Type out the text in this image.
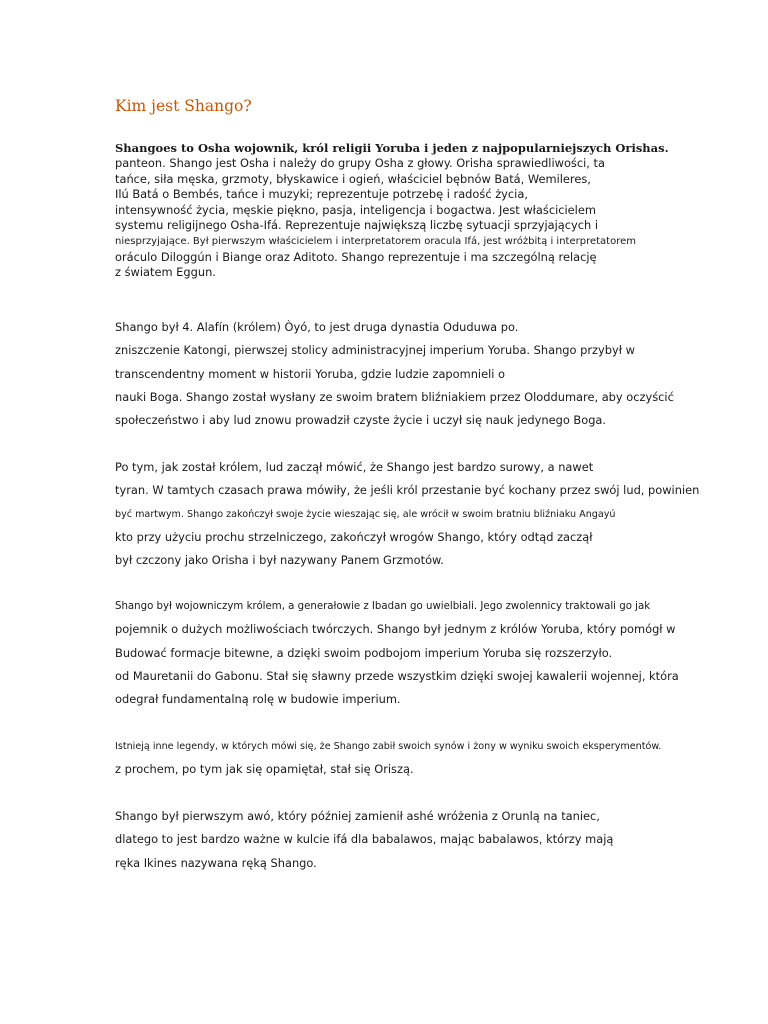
Kim jest Shango?
Shangoes to Osha wojownik, król religii Yoruba i jeden z najpopularniejszych Orishas.
panteon. Shango jest Osha i należy do grupy Osha z głowy. Orisha sprawiedliwości, ta
tańce, siła męska, grzmoty, błyskawice i ogień, właściciel bębnów Batá, Wemileres,
Ilú Batá o Bembés, tańce i muzyki; reprezentuje potrzebę i radość życia,
intensywność życia, męskie piękno, pasja, inteligencja i bogactwa. Jest właścicielem
systemu religijnego Osha-Ifá. Reprezentuje największą liczbę sytuacji sprzyjających i
niesprzyjające. Był pierwszym właścicielem i interpretatorem oracula Ifá, jest wróżbitą i interpretatorem
oráculo Diloggún i Biange oraz Aditoto. Shango reprezentuje i ma szczególną relację
z światem Eggun.
Shango był 4. Alafín (królem) Òyó, to jest druga dynastia Oduduwa po.
zniszczenie Katongi, pierwszej stolicy administracyjnej imperium Yoruba. Shango przybył w
transcendentny moment w historii Yoruba, gdzie ludzie zapomnieli o
nauki Boga. Shango został wysłany ze swoim bratem bliźniakiem przez Oloddumare, aby oczyścić
społeczeństwo i aby lud znowu prowadził czyste życie i uczył się nauk jedynego Boga.
Po tym, jak został królem, lud zaczął mówić, że Shango jest bardzo surowy, a nawet
tyran. W tamtych czasach prawa mówiły, że jeśli król przestanie być kochany przez swój lud, powinien
być martwym. Shango zakończył swoje życie wieszając się, ale wrócił w swoim bratniu bliźniaku Angayú
kto przy użyciu prochu strzelniczego, zakończył wrogów Shango, który odtąd zaczął
był czczony jako Orisha i był nazywany Panem Grzmotów.
Shango był wojowniczym królem, a generałowie z Ibadan go uwielbiali. Jego zwolennicy traktowali go jak
pojemnik o dużych możliwościach twórczych. Shango był jednym z królów Yoruba, który pomógł w
Budować formacje bitewne, a dzięki swoim podbojom imperium Yoruba się rozszerzyło.
od Mauretanii do Gabonu. Stał się sławny przede wszystkim dzięki swojej kawalerii wojennej, która
odegrał fundamentalną rolę w budowie imperium.
Istnieją inne legendy, w których mówi się, że Shango zabił swoich synów i żony w wyniku swoich eksperymentów.
z prochem, po tym jak się opamiętał, stał się Oriszą.
Shango był pierwszym awó, który później zamienił ashé wróżenia z Orunlą na taniec,
dlatego to jest bardzo ważne w kulcie ifá dla babalawos, mając babalawos, którzy mają
ręka Ikines nazywana ręką Shango.
